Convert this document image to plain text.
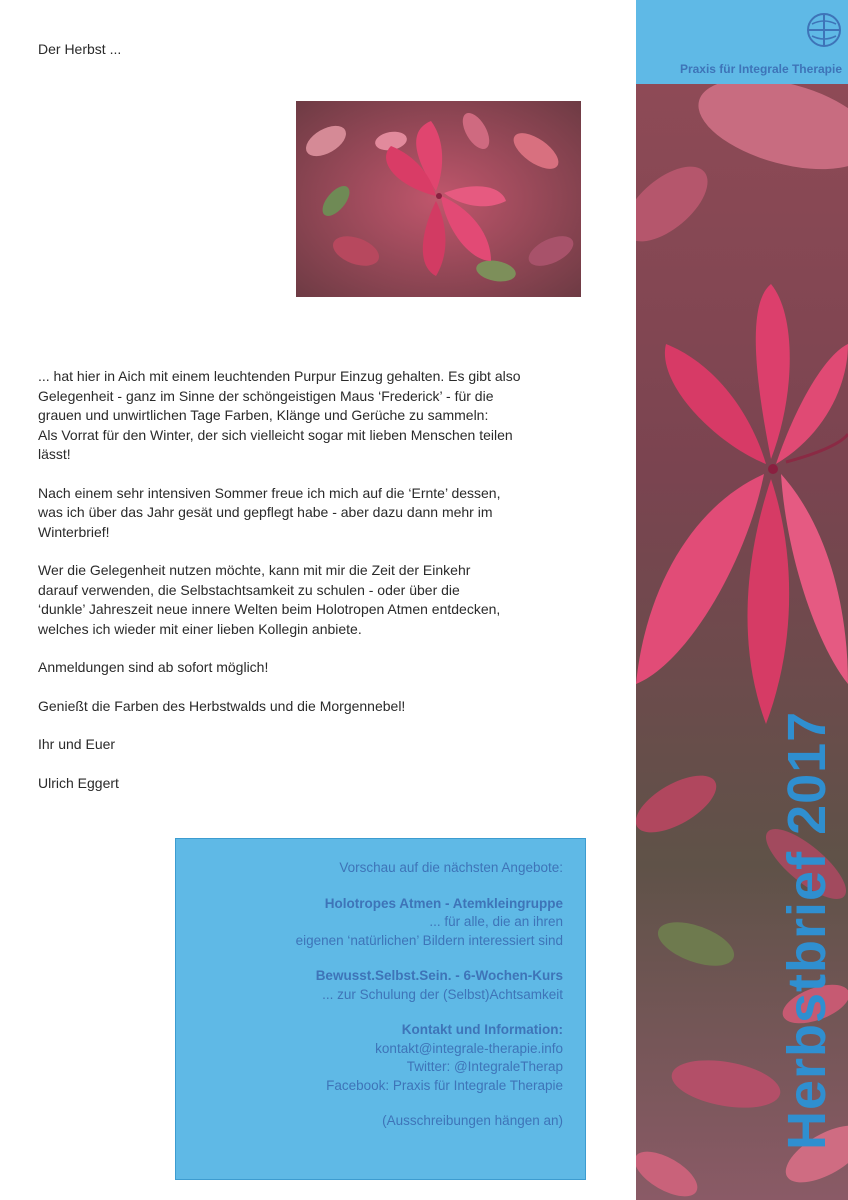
Der Herbst ...

... hat hier in Aich mit einem leuchtenden Purpur Einzug gehalten. Es gibt also
Gelegenheit - ganz im Sinne der schöngeistigen Maus ‘Frederick’ - für die
grauen und unwirtlichen Tage Farben, Klänge und Gerüche zu sammeln:
Als Vorrat für den Winter, der sich vielleicht sogar mit lieben Menschen teilen
lässt!

Nach einem sehr intensiven Sommer freue ich mich auf die ‘Ernte’ dessen,
was ich über das Jahr gesät und gepflegt habe - aber dazu dann mehr im
Winterbrief!

Wer die Gelegenheit nutzen möchte, kann mit mir die Zeit der Einkehr
darauf verwenden, die Selbstachtsamkeit zu schulen - oder über die
‘dunkle’ Jahreszeit neue innere Welten beim Holotropen Atmen entdecken,
welches ich wieder mit einer lieben Kollegin anbiete.

Anmeldungen sind ab sofort möglich!

Genießt die Farben des Herbstwalds und die Morgennebel!

Ihr und Euer

Ulrich Eggert

Vorschau auf die nächsten Angebote:
Holotropes Atmen - Atemkleingruppe
... für alle, die an ihren
eigenen ‘natürlichen’ Bildern interessiert sind
Bewusst.Selbst.Sein. - 6-Wochen-Kurs
... zur Schulung der (Selbst)Achtsamkeit
Kontakt und Information:
kontakt@integrale-therapie.info
Twitter: @IntegraleTherap
Facebook: Praxis für Integrale Therapie
(Ausschreibungen hängen an)
Praxis für Integrale Therapie
Herbstbrief 2017
